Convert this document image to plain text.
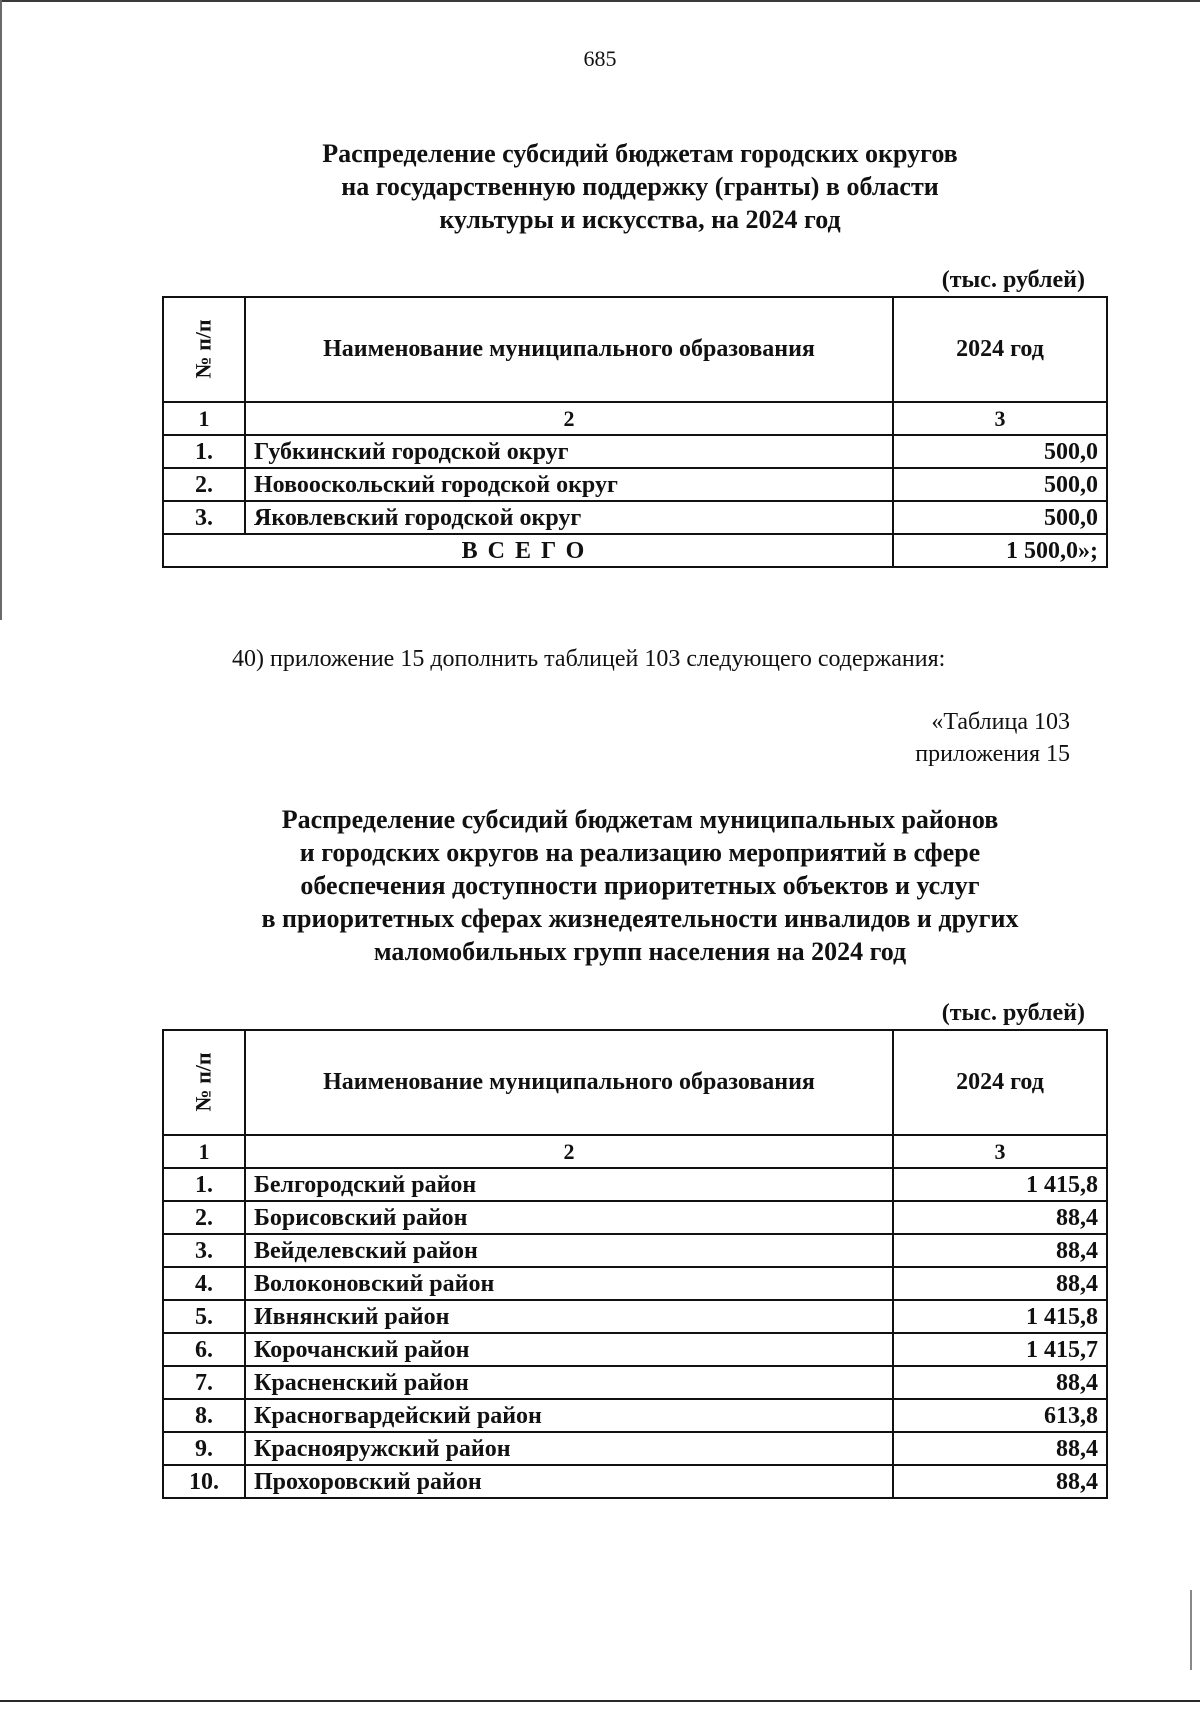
685
Распределение субсидий бюджетам городских округов
на государственную поддержку (гранты) в области
культуры и искусства, на 2024 год
(тыс. рублей)
№ п/п	Наименование муниципального образования	2024 год
1	2	3
1.	Губкинский городской округ	500,0
2.	Новооскольский городской округ	500,0
3.	Яковлевский городской округ	500,0
ВСЕГО		1 500,0»;
40) приложение 15 дополнить таблицей 103 следующего содержания:
«Таблица 103
приложения 15
Распределение субсидий бюджетам муниципальных районов
и городских округов на реализацию мероприятий в сфере
обеспечения доступности приоритетных объектов и услуг
в приоритетных сферах жизнедеятельности инвалидов и других
маломобильных групп населения на 2024 год
(тыс. рублей)
№ п/п	Наименование муниципального образования	2024 год
1	2	3
1.	Белгородский район	1 415,8
2.	Борисовский район	88,4
3.	Вейделевский район	88,4
4.	Волоконовский район	88,4
5.	Ивнянский район	1 415,8
6.	Корочанский район	1 415,7
7.	Красненский район	88,4
8.	Красногвардейский район	613,8
9.	Краснояружский район	88,4
10.	Прохоровский район	88,4
